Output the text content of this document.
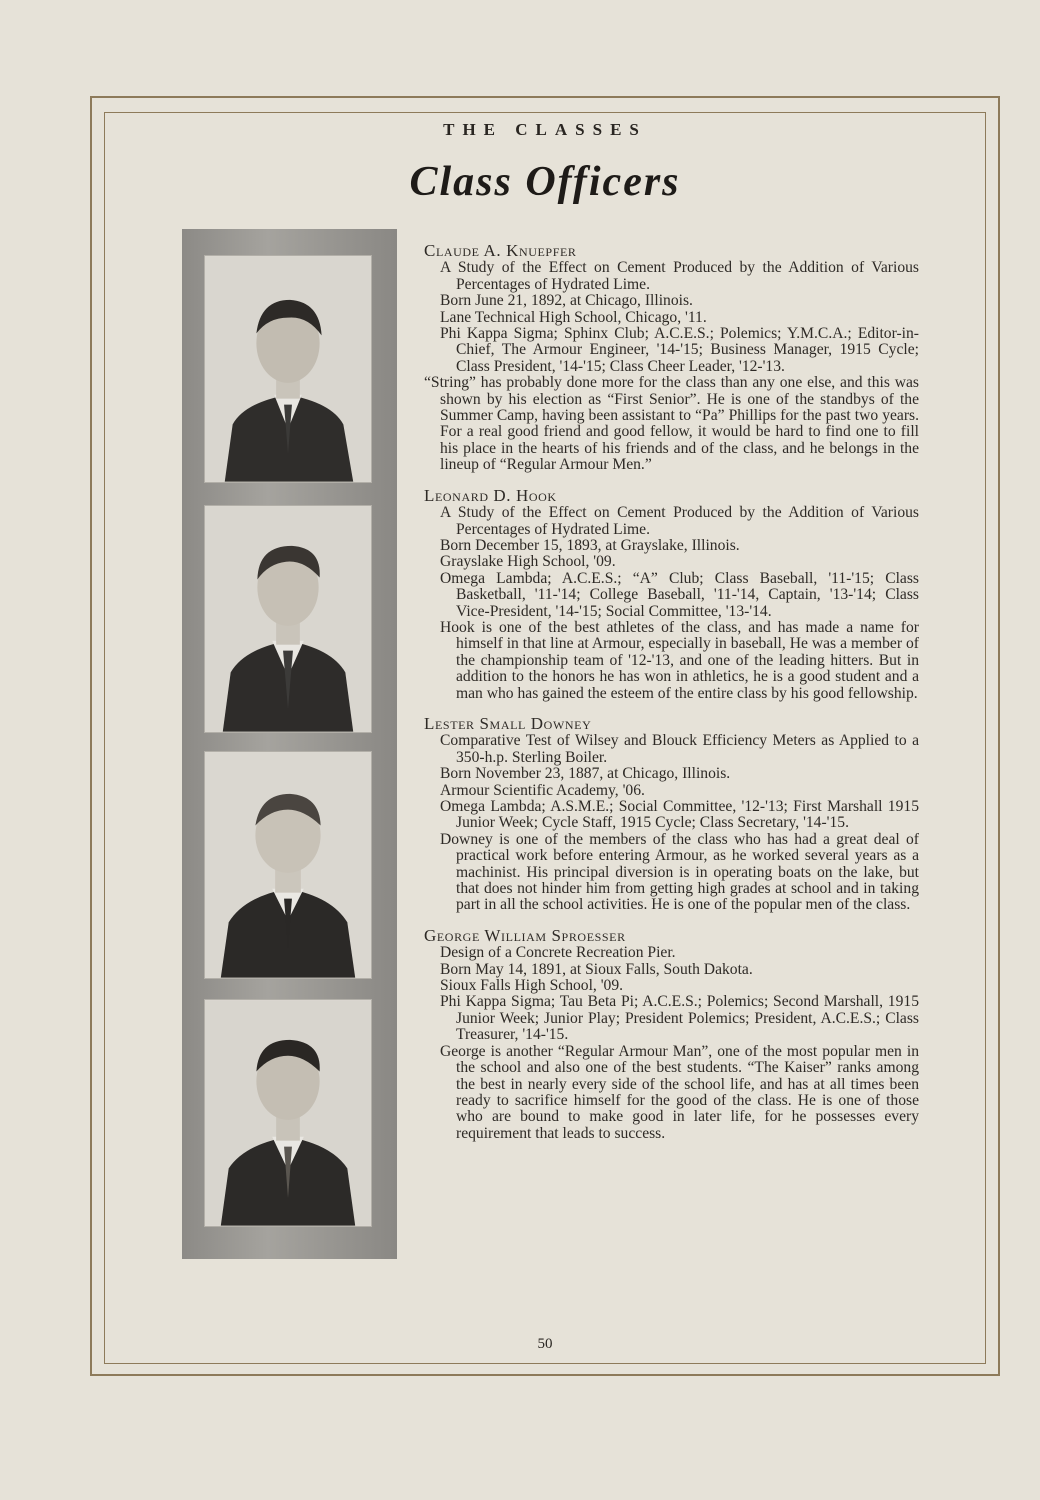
THE CLASSES
Class Officers
Claude A. Knuepfer

A Study of the Effect on Cement Produced by the Addition of Various Percentages of Hydrated Lime.

Born June 21, 1892, at Chicago, Illinois.

Lane Technical High School, Chicago, '11.

Phi Kappa Sigma; Sphinx Club; A.C.E.S.; Polemics; Y.M.C.A.; Editor-in-Chief, The Armour Engineer, '14-'15; Business Manager, 1915 Cycle; Class President, '14-'15; Class Cheer Leader, '12-'13.

“String” has probably done more for the class than any one else, and this was shown by his election as “First Senior”. He is one of the standbys of the Summer Camp, having been assistant to “Pa” Phillips for the past two years. For a real good friend and good fellow, it would be hard to find one to fill his place in the hearts of his friends and of the class, and he belongs in the lineup of “Regular Armour Men.”

Leonard D. Hook

A Study of the Effect on Cement Produced by the Addition of Various Percentages of Hydrated Lime.

Born December 15, 1893, at Grayslake, Illinois.

Grayslake High School, '09.

Omega Lambda; A.C.E.S.; “A” Club; Class Baseball, '11-'15; Class Basketball, '11-'14; College Baseball, '11-'14, Captain, '13-'14; Class Vice-President, '14-'15; Social Committee, '13-'14.

Hook is one of the best athletes of the class, and has made a name for himself in that line at Armour, especially in baseball, He was a member of the championship team of '12-'13, and one of the leading hitters. But in addition to the honors he has won in athletics, he is a good student and a man who has gained the esteem of the entire class by his good fellowship.

Lester Small Downey

Comparative Test of Wilsey and Blouck Efficiency Meters as Applied to a 350-h.p. Sterling Boiler.

Born November 23, 1887, at Chicago, Illinois.

Armour Scientific Academy, '06.

Omega Lambda; A.S.M.E.; Social Committee, '12-'13; First Marshall 1915 Junior Week; Cycle Staff, 1915 Cycle; Class Secretary, '14-'15.

Downey is one of the members of the class who has had a great deal of practical work before entering Armour, as he worked several years as a machinist. His principal diversion is in operating boats on the lake, but that does not hinder him from getting high grades at school and in taking part in all the school activities. He is one of the popular men of the class.

George William Sproesser

Design of a Concrete Recreation Pier.

Born May 14, 1891, at Sioux Falls, South Dakota.

Sioux Falls High School, '09.

Phi Kappa Sigma; Tau Beta Pi; A.C.E.S.; Polemics; Second Marshall, 1915 Junior Week; Junior Play; President Polemics; President, A.C.E.S.; Class Treasurer, '14-'15.

George is another “Regular Armour Man”, one of the most popular men in the school and also one of the best students. “The Kaiser” ranks among the best in nearly every side of the school life, and has at all times been ready to sacrifice himself for the good of the class. He is one of those who are bound to make good in later life, for he possesses every requirement that leads to success.

50
